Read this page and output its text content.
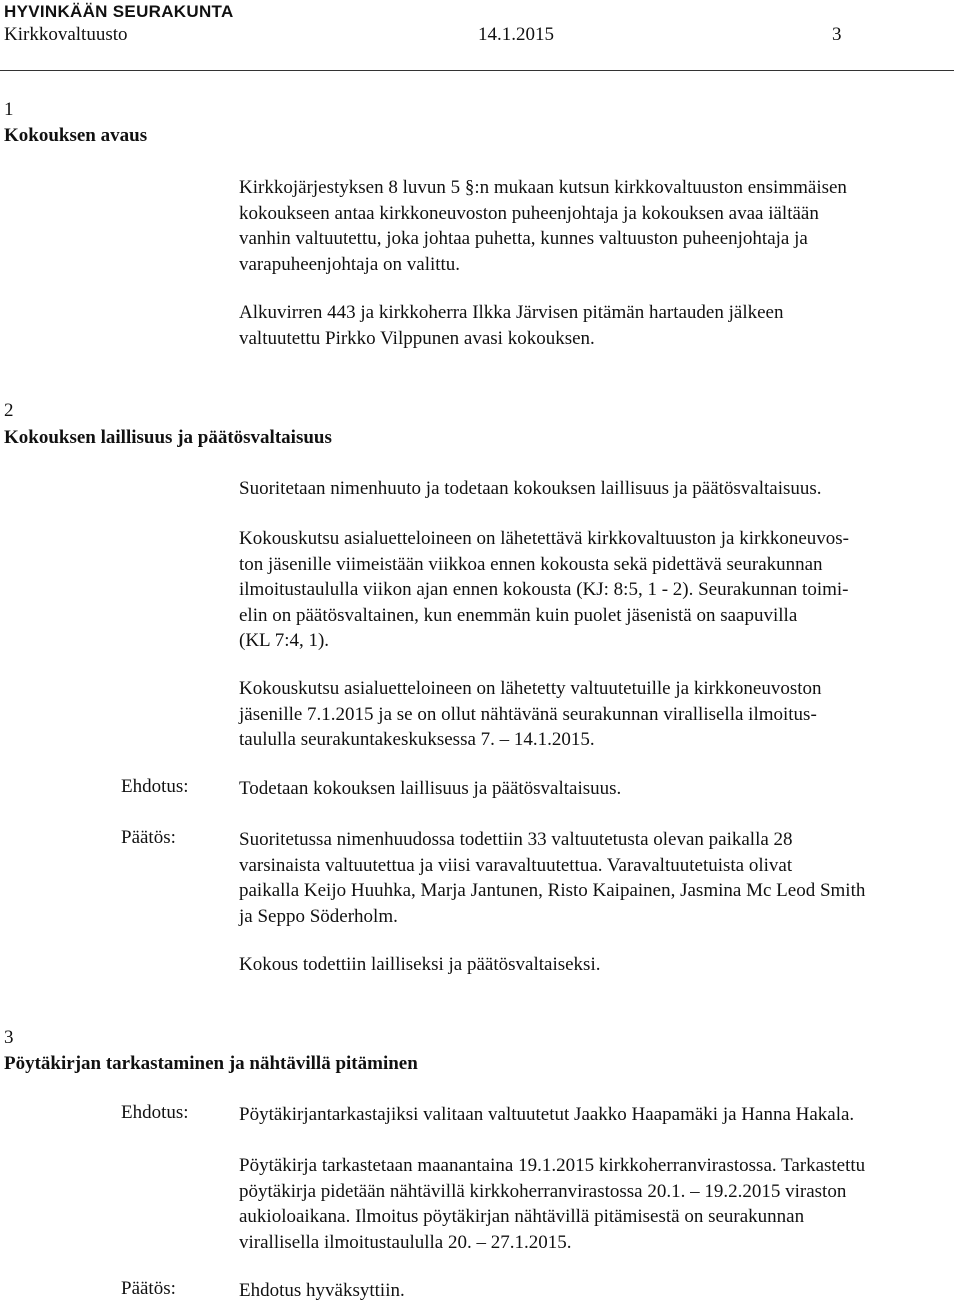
HYVINKÄÄN SEURAKUNTA
Kirkkovaltuusto	14.1.2015	3
1
Kokouksen avaus
Kirkkojärjestyksen 8 luvun 5 §:n mukaan kutsun kirkkovaltuuston ensimmäisen
kokoukseen antaa kirkkoneuvoston puheenjohtaja ja kokouksen avaa iältään
vanhin valtuutettu, joka johtaa puhetta, kunnes valtuuston puheenjohtaja ja
varapuheenjohtaja on valittu.
Alkuvirren 443 ja kirkkoherra Ilkka Järvisen pitämän hartauden jälkeen
valtuutettu Pirkko Vilppunen avasi kokouksen.
2
Kokouksen laillisuus ja päätösvaltaisuus
Suoritetaan nimenhuuto ja todetaan kokouksen laillisuus ja päätösvaltaisuus.
Kokouskutsu asialuetteloineen on lähetettävä kirkkovaltuuston ja kirkkoneuvos-
ton jäsenille viimeistään viikkoa ennen kokousta sekä pidettävä seurakunnan
ilmoitustaululla viikon ajan ennen kokousta (KJ: 8:5, 1 - 2). Seurakunnan toimi-
elin on päätösvaltainen, kun enemmän kuin puolet jäsenistä on saapuvilla
(KL 7:4, 1).
Kokouskutsu asialuetteloineen on lähetetty valtuutetuille ja kirkkoneuvoston
jäsenille 7.1.2015 ja se on ollut nähtävänä seurakunnan virallisella ilmoitus-
taululla seurakuntakeskuksessa 7. – 14.1.2015.
Ehdotus:	Todetaan kokouksen laillisuus ja päätösvaltaisuus.
Päätös:	Suoritetussa nimenhuudossa todettiin 33 valtuutetusta olevan paikalla 28
varsinaista valtuutettua ja viisi varavaltuutettua. Varavaltuutetuista olivat
paikalla Keijo Huuhka, Marja Jantunen, Risto Kaipainen, Jasmina Mc Leod Smith
ja Seppo Söderholm.
Kokous todettiin lailliseksi ja päätösvaltaiseksi.
3
Pöytäkirjan tarkastaminen ja nähtävillä pitäminen
Ehdotus:	Pöytäkirjantarkastajiksi valitaan valtuutetut Jaakko Haapamäki ja Hanna Hakala.
Pöytäkirja tarkastetaan maanantaina 19.1.2015 kirkkoherranvirastossa. Tarkastettu
pöytäkirja pidetään nähtävillä kirkkoherranvirastossa 20.1. – 19.2.2015 viraston
aukioloaikana. Ilmoitus pöytäkirjan nähtävillä pitämisestä on seurakunnan
virallisella ilmoitustaululla 20. – 27.1.2015.
Päätös:	Ehdotus hyväksyttiin.
